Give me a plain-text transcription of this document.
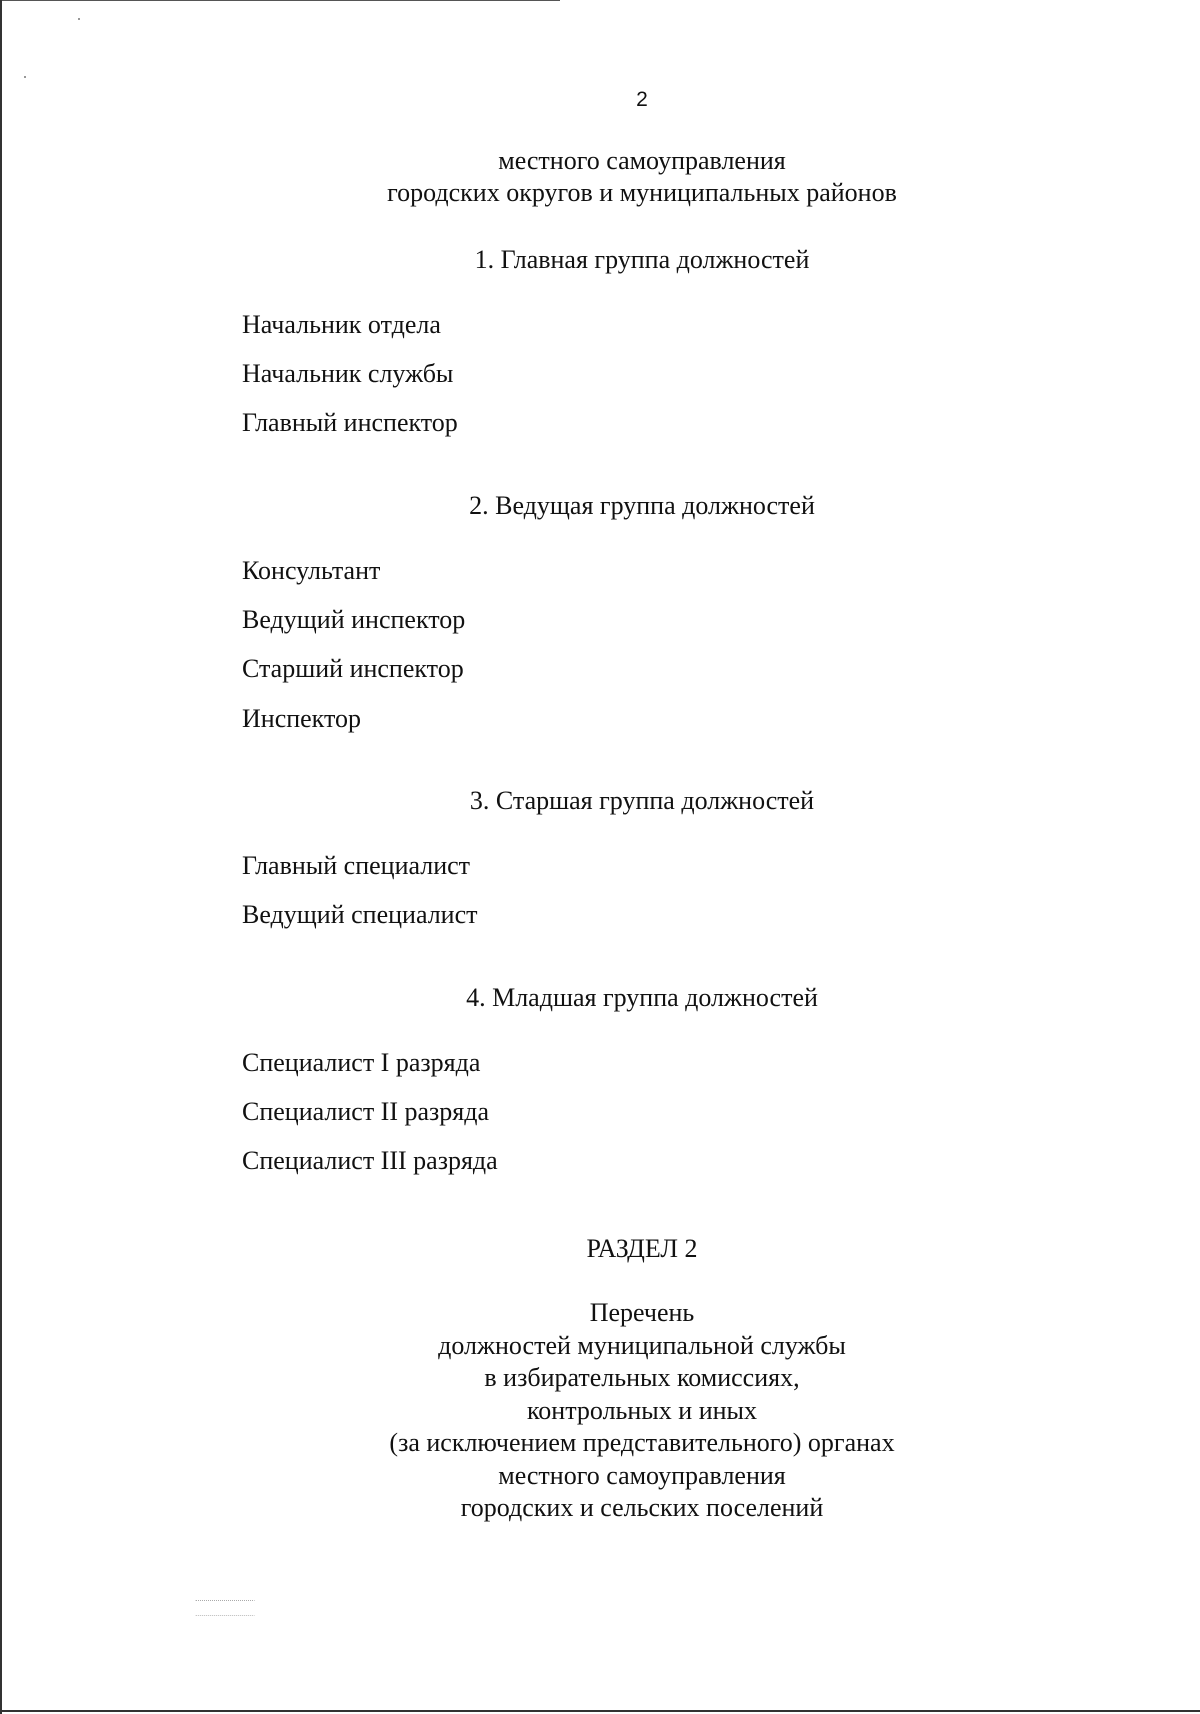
2
местного самоуправления
городских округов и муниципальных районов
1. Главная группа должностей
Начальник отдела
Начальник службы
Главный инспектор
2. Ведущая группа должностей
Консультант
Ведущий инспектор
Старший инспектор
Инспектор
3. Старшая группа должностей
Главный специалист
Ведущий специалист
4. Младшая группа должностей
Специалист I разряда
Специалист II разряда
Специалист III разряда
РАЗДЕЛ 2
Перечень
должностей муниципальной службы
в избирательных комиссиях,
контрольных и иных
(за исключением представительного) органах
местного самоуправления
городских и сельских поселений
